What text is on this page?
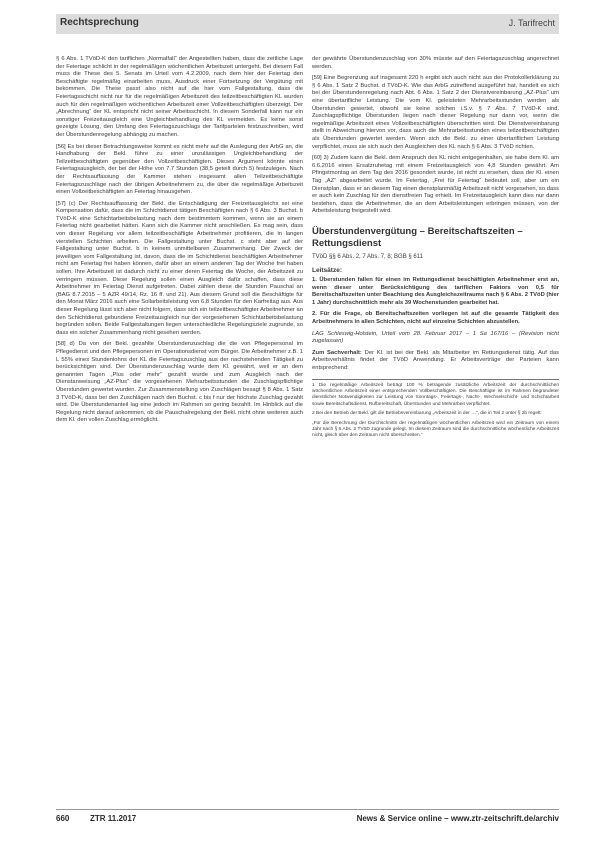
Rechtsprechung	J. Tarifrecht

§ 6 Abs. 1 TVöD-K den tariflichen „Normalfall“ der Angestellten haben, dass die zeitliche Lage der Feiertage schlicht in der regelmäßigen wöchentlichen Arbeitszeit untergeht. Bei diesem Fall muss die These des 5. Senats im Urteil vom 4.2.2009, nach dem hier der Feiertag den Beschäftigte regelmäßig einarbeiten muss, Ausdruck einer Fortsetzung der Vergütung mit bekommen. Die These passt also nicht auf die hier vom Fallgestaltung, dass die Feiertagsschicht nicht nur für die regelmäßigen Arbeitszeit des teilzeitbeschäftigten KL wurden auch für den regelmäßigen wöchentlichen Arbeitszeit einer Vollzeitbeschäftigten überzeigt. Der „Abrechnung“ der KL entspricht nicht seiner Arbeitsschicht. In diesem Sonderfall kann nur ein sonstiger Freizeitausgleich eine Ungleichbehandlung des KL vermeiden. Es keine sonst gezeigte Lösung, den Umfang des Feiertagszuschlags der Tarifparteien festzuschreiben, wird der Überstundenregelung abhängig zu machen.

[56] Es bei dieser Betrachtungsweise kommt es nicht mehr auf die Auslegung des ArbG an, die Handhabung der Bekl. führe zu einer unzulässigen Ungleichbehandlung der Teilzeitbeschäftigten gegenüber den Vollzeitbeschäftigten. Dieses Argument könnte einen Feiertagsausgleich, der bei der Höhe von 7,7 Stunden (38,5 geteilt durch 5) festzulegen. Nach der Rechtsauffassung der Kammer stehen insgesamt allen Teilzeitbeschäftigte Feiertagszuschläge nach der übrigen Arbeitnehmern zu, die über die regelmäßige Arbeitszeit einen Vollzeitbeschäftigten an Feiertag hinausgehen.

[57] (c) Der Rechtsauffassung der Bekl. die Entschädigung der Freizeitausgleichs sei eine Kompensation dafür, dass die im Schichtdienst tätigen Beschäftigten nach § 6 Abs. 3 Buchst. b TVöD-K eine Schichtarbeitsbelastung nach dem bestimmtem kommen, wenn sie an einem Feiertag nicht gearbeitet hätten. Kann sich die Kammer nicht anschließen. Es mag sein, dass von dieser Regelung vor allem teilzeitbeschäftigte Arbeitnehmer profitieren, die in langen vierstellen Schichten arbeiten. Die Fallgestaltung unter Buchst. c steht aber auf der Fallgestaltung unter Buchst. b in keinem unmittelbaren Zusammenhang. Der Zweck der jeweiligen vom Fallgestaltung ist, davon, dass die im Schichtdienst beschäftigten Arbeitnehmer nicht am Feiertag frei haben können, dafür aber an einem anderen Tag der Woche frei haben sollen. Ihre Arbeitszeit ist dadurch nicht zu einer deren Feiertag die Woche, der Arbeitszeit zu verringern müssen. Diese Regelung sollen einen Ausgleich dafür schaffen, dass diese Arbeitnehmer im Feiertag Dienst aufgetreten. Dabei zählen diese die Stunden Pauschal an (BAG 8.7.2015 – 5 AZR 49/14, Rz. 16 ff. und 21). Aus diesem Grund soll die Beschäftigte für den Monat März 2016 auch eine Sollarbeitsleistung von 6,8 Stunden für den Karfreitag aus. Aus dieser Regelung lässt sich aber nicht folgern, dass sich ein teilzeitbeschäftigter Arbeitnehmer an den Schichtdienst gebundene Freizeitausgleich nur der vorgesehenen Schichtarbeitsbelastung begründen sollen. Beide Fallgestaltungen liegen unterschiedliche Regelungsziele zugrunde, so dass ein solcher Zusammenhang nicht gesehen werden.

[58] d) Da von der Bekl. gezahlte Überstundenzuschlag die die von Pflegepersonal im Pflegedienst und den Pflegepersonen im Operationsdienst vom Bürger. Die Arbeitnehmer z.B. 1 L 55% eines Stundenlohns der KL die Feiertagszuschlag aus der nachstehenden Tätigkeit zu berücksichtigen sind. Der Überstundenzuschlag wurde dem Kl. gewährt, weil er an dem genannten Tagen „Plus oder mehr“ gezahlt wurde und zum Ausgleich nach der Dienstanweisung „AZ-Plus“ die vorgesehenen Mehrarbeitsstunden die Zuschlagspflichtige Überstunden gewertet wurden. Zur Zusammenstellung von Zuschlägen besagt § 8 Abs. 1 Satz 3 TVöD-K, dass bei den Zuschlägen nach den Buchst. c bis f nur der höchste Zuschlag gezahlt wird. Die Überstundenanteil lag eine jedoch im Rahmen so gering bezahlt. Im Hinblick auf die Regelung nicht darauf ankommen, ob die Pauschalregelung der Bekl. nicht ohne weiteres auch dem Kl. den vollen Zuschlag ermöglicht.

der gewährte Überstundenzuschlag von 30% müsste auf den Feiertagszuschlag angerechnet werden.

[59] Eine Begrenzung auf insgesamt 220 h ergibt sich auch nicht aus der Protokollerklärung zu § 6 Abs. 1 Satz 2 Buchst. d TVöD-K. Wie das ArbG zutreffend ausgeführt hat, handelt es sich bei der Überstundenregelung nach Abt. 6 Abs. 1 Satz 2 der Dienstvereinbarung „AZ-Plus“ um eine übertarifliche Leistung. Die vom Kl. geleisteten Mehrarbeitsstunden werden als Überstunden gewertet, obwohl sie keine solchen i.S.v. § 7 Abs. 7 TVöD-K sind. Zuschlagspflichtige Überstunden liegen nach dieser Regelung nur dann vor, wenn die regelmäßige Arbeitszeit eines Vollzeitbeschäftigten überschritten wird. Die Dienstvereinbarung stellt in Abweichung hiervon vor, dass auch die Mehrarbeitsstunden eines teilzeitbeschäftigten als Überstunden gewertet werden. Wenn sich die Bekl. zu einer übertariflichen Leistung verpflichtet, muss sie sich auch den Ausgleichen des KL nach § 6 Abs. 3 TVöD richten.

[60] 3) Zudem kann die Bekl. dem Anspruch des KL nicht entgegenhalten, sie habe dem Kl. am 6.6.2016 einen Ersatzruhetag mit einem Freizeitausgleich von 4,8 Stunden gewährt. Am Pfingstmontag an dem Tag des 2016 gesondert wurde, ist nicht zu ersehen, dass der Kl. einen Tag „AZ“ abgearbeitet wurde. Im Feiertag, „Frei für Feiertag“ bedeutet soll, aber um ein Dienstplan, dass er an diesem Tag einen dienstplanmäßig Arbeitszeit nicht vorgesehen, so dass er auch kein Zuschlag für den dienstfreien Tag erhielt. Im Freizeitausgleich kann dies nur dann bestehen, dass die Arbeitnehmer, die an dem Arbeitsleistungen erbringen müssen, von der Arbeitsleistung freigestellt wird.

Überstundenvergütung – Bereitschaftszeiten – Rettungsdienst
TVöD §§ 6 Abs. 2, 7 Abs. 7, 8; BGB § 611
Leitsätze:

1. Überstunden fallen für einen im Rettungsdienst beschäftigten Arbeitnehmer erst an, wenn dieser unter Berücksichtigung des tariflichen Faktors von 0,5 für Bereitschaftszeiten unter Beachtung des Ausgleichszeitraums nach § 6 Abs. 2 TVöD (hier 1 Jahr) durchschnittlich mehr als 39 Wochenstunden gearbeitet hat.

2. Für die Frage, ob Bereitschaftszeiten vorliegen ist auf die gesamte Tätigkeit des Arbeitnehmers in allen Schichten, nicht auf einzelne Schichten abzustellen.

LAG Schleswig-Holstein, Urteil vom 28. Februar 2017 – 1 Sa 167/16 – (Revision nicht zugelassen)

Zum Sachverhalt: Der Kl. ist bei der Bekl. als Mitarbeiter im Rettungsdienst tätig. Auf das Arbeitsverhältnis findet der TVöD Anwendung. Er Arbeitsverträge der Parteien kann entsprechend:

1 Die regelmäßige Arbeitszeit beträgt 100 % betragende zusätzliche Arbeitszeit der durchschnittlichen wöchentlichen Arbeitszeit einer entsprechenden Vollbeschäftigten. Die Beschäftigte ist im Rahmen begründeter dienstlicher Notwendigkeiten zur Leistung von Sonntags-, Feiertags-, Nacht-, Wechselschicht- und Schichtarbeit sowie Bereitschaftsdienst, Rufbereitschaft, Überstunden und Mehrarbeit verpflichtet.

2 Bei den Betrieb der Bekl. gilt die Betriebsvereinbarung „Arbeitszeit in der …“, die in Teil 2 unter § 2b regelt:

„Für die Berechnung der Durchschnitts der regelmäßigen wöchentlichen Arbeitszeit wird ein Zeitraum von einem Jahr nach § 6 Abs. 2 TVöD zugrunde gelegt. Im diesem Zeitraum sind die durchschnittliche wöchentliche Arbeitszeit nicht, gleich über den Zeitraum nicht überschreiten.“

660	ZTR 11.2017	News & Service online – www.ztr-zeitschrift.de/archiv
